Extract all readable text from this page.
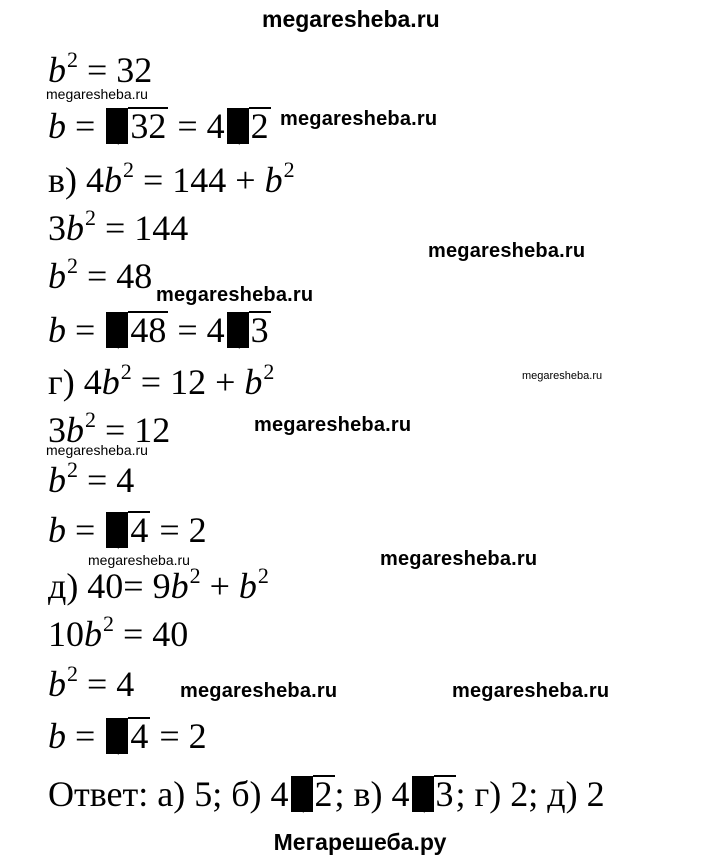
megaresheba.ru
$b^2 = 32$
megaresheba.ru
b =
32 = 4 2 megaresheba.ru
в) $4b^2 = 144 + b^2$
$3b^2 = 144$
megaresheba.ru
$b^2 = 48$ megaresheba.ru
b =
48 = 4 3
г) $4b^2 = 12 + b^2$	megaresheba.ru
$3b^2 = 12$	megaresheba.ru
megaresheba.ru
$b^2 = 4$
b =
4 = 2
megaresheba.ru	megaresheba.ru
д) $40= 9b^2 + b^2$
$10b^2 = 40$
$b^2 = 4$ megaresheba.ru	megaresheba.ru
b =
4 = 2
Ответ: а) 5; б) 4 2; в) 4 3; г) 2; д) 2
Мегарешеба.ру
